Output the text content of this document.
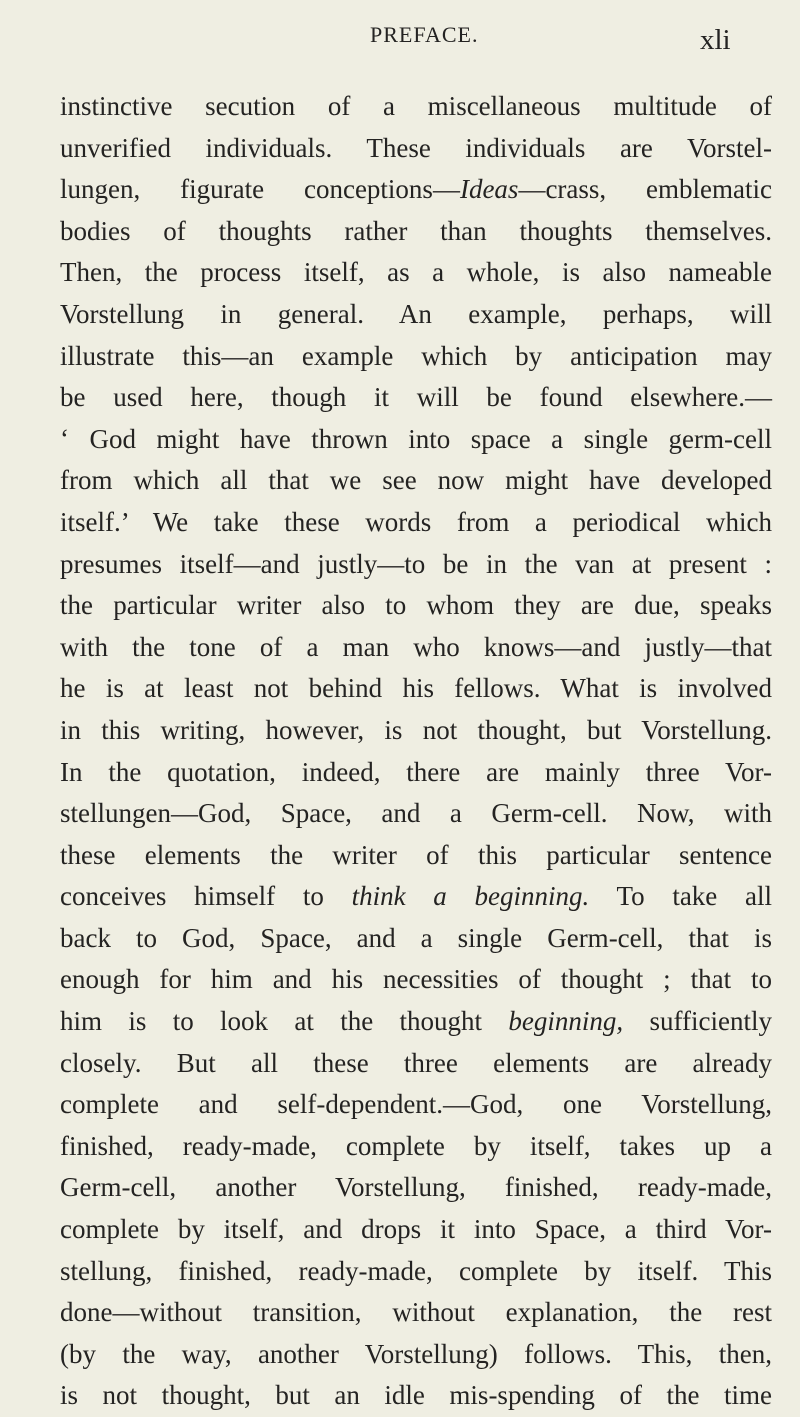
PREFACE.	xli
instinctive secution of a miscellaneous multitude of
unverified individuals. These individuals are Vorstel-
lungen, figurate conceptions—Ideas—crass, emblematic
bodies of thoughts rather than thoughts themselves.
Then, the process itself, as a whole, is also nameable
Vorstellung in general. An example, perhaps, will
illustrate this—an example which by anticipation may
be used here, though it will be found elsewhere.—
‘ God might have thrown into space a single germ-cell
from which all that we see now might have developed
itself.’ We take these words from a periodical which
presumes itself—and justly—to be in the van at present :
the particular writer also to whom they are due, speaks
with the tone of a man who knows—and justly—that
he is at least not behind his fellows. What is involved
in this writing, however, is not thought, but Vorstellung.
In the quotation, indeed, there are mainly three Vor-
stellungen—God, Space, and a Germ-cell. Now, with
these elements the writer of this particular sentence
conceives himself to think a beginning. To take all
back to God, Space, and a single Germ-cell, that is
enough for him and his necessities of thought ; that to
him is to look at the thought beginning, sufficiently
closely. But all these three elements are already
complete and self-dependent.—God, one Vorstellung,
finished, ready-made, complete by itself, takes up a
Germ-cell, another Vorstellung, finished, ready-made,
complete by itself, and drops it into Space, a third Vor-
stellung, finished, ready-made, complete by itself. This
done—without transition, without explanation, the rest
(by the way, another Vorstellung) follows. This, then,
is not thought, but an idle mis-spending of the time
